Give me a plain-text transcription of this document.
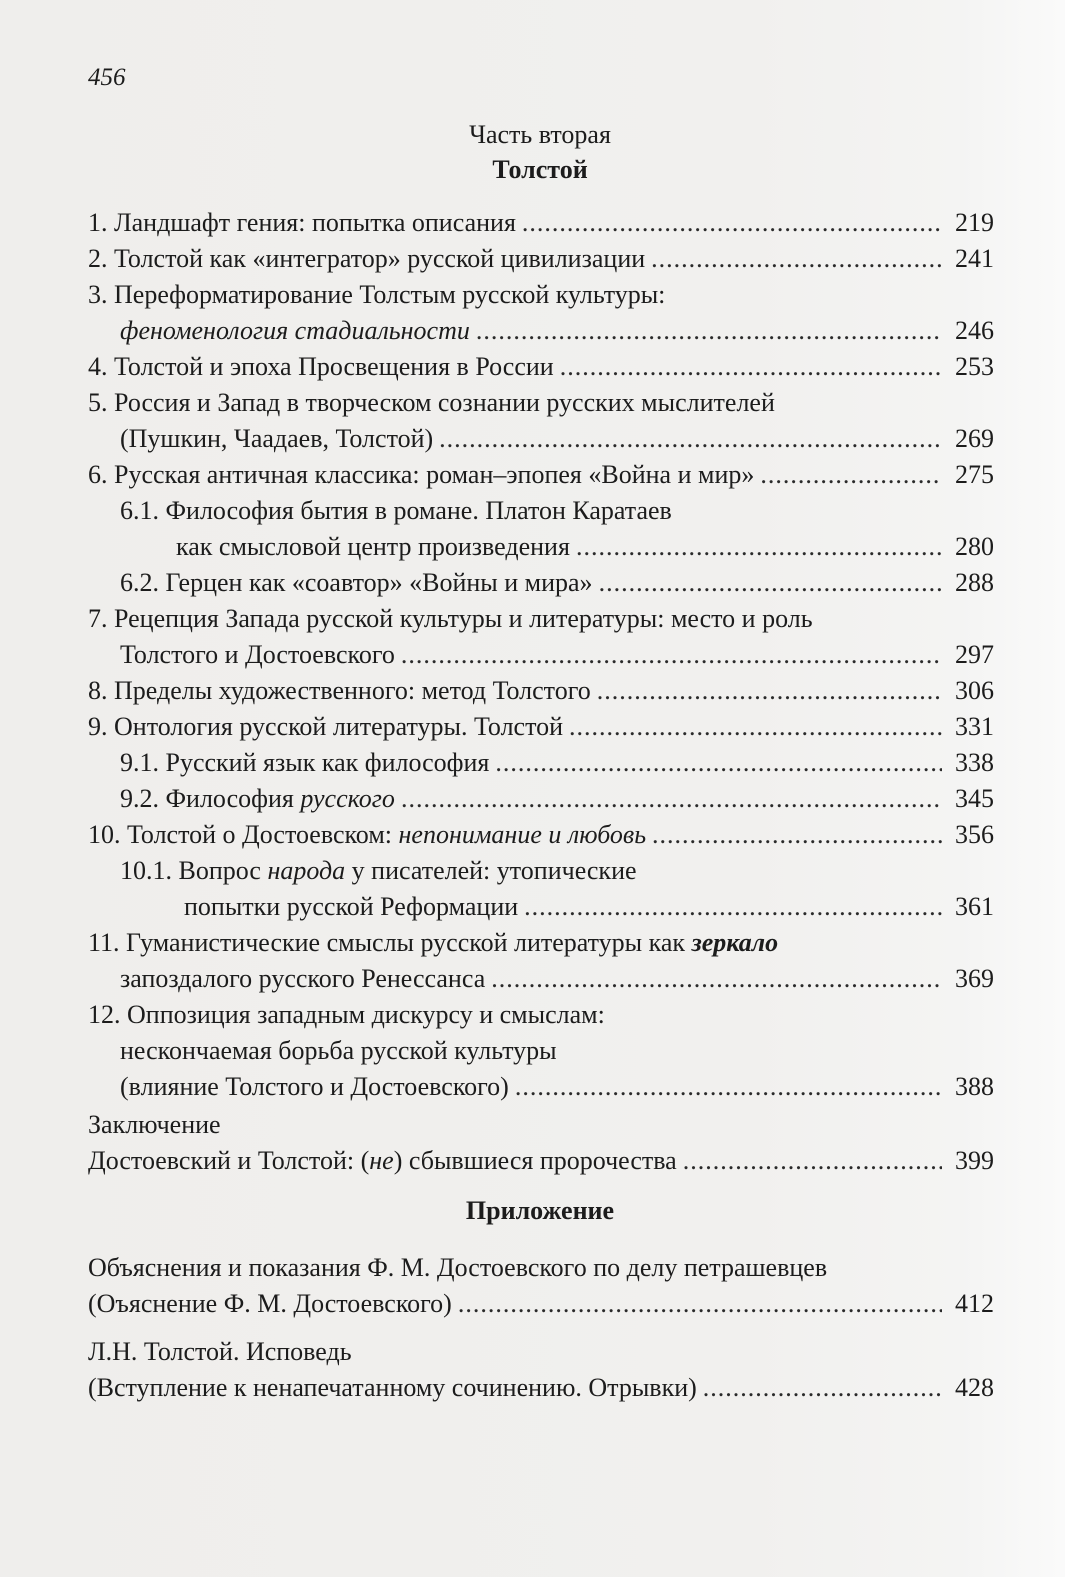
456
Часть вторая
Толстой
1. Ландшафт гения: попытка описания .....	219
2. Толстой как «интегратор» русской цивилизации .....	241
3. Переформатирование Толстым русской культуры:
феноменология стадиальности .....	246
4. Толстой и эпоха Просвещения в России .....	253
5. Россия и Запад в творческом сознании русских мыслителей
(Пушкин, Чаадаев, Толстой) .....	269
6. Русская античная классика: роман–эпопея «Война и мир» .....	275
6.1. Философия бытия в романе. Платон Каратаев
как смысловой центр произведения .....	280
6.2. Герцен как «соавтор» «Войны и мира» .....	288
7. Рецепция Запада русской культуры и литературы: место и роль
Толстого и Достоевского .....	297
8. Пределы художественного: метод Толстого .....	306
9. Онтология русской литературы. Толстой .....	331
9.1. Русский язык как философия .....	338
9.2. Философия русского .....	345
10. Толстой о Достоевском: непонимание и любовь .....	356
10.1. Вопрос народа у писателей: утопические
попытки русской Реформации .....	361
11. Гуманистические смыслы русской литературы как зеркало
запоздалого русского Ренессанса .....	369
12. Оппозиция западным дискурсу и смыслам:
нескончаемая борьба русской культуры
(влияние Толстого и Достоевского) .....	388
Заключение
Достоевский и Толстой: (не) сбывшиеся пророчества .....	399
Приложение
Объяснения и показания Ф. М. Достоевского по делу петрашевцев
(Оъяснение Ф. М. Достоевского) .....	412
Л.Н. Толстой. Исповедь
(Вступление к ненапечатанному сочинению. Отрывки) .....	428
